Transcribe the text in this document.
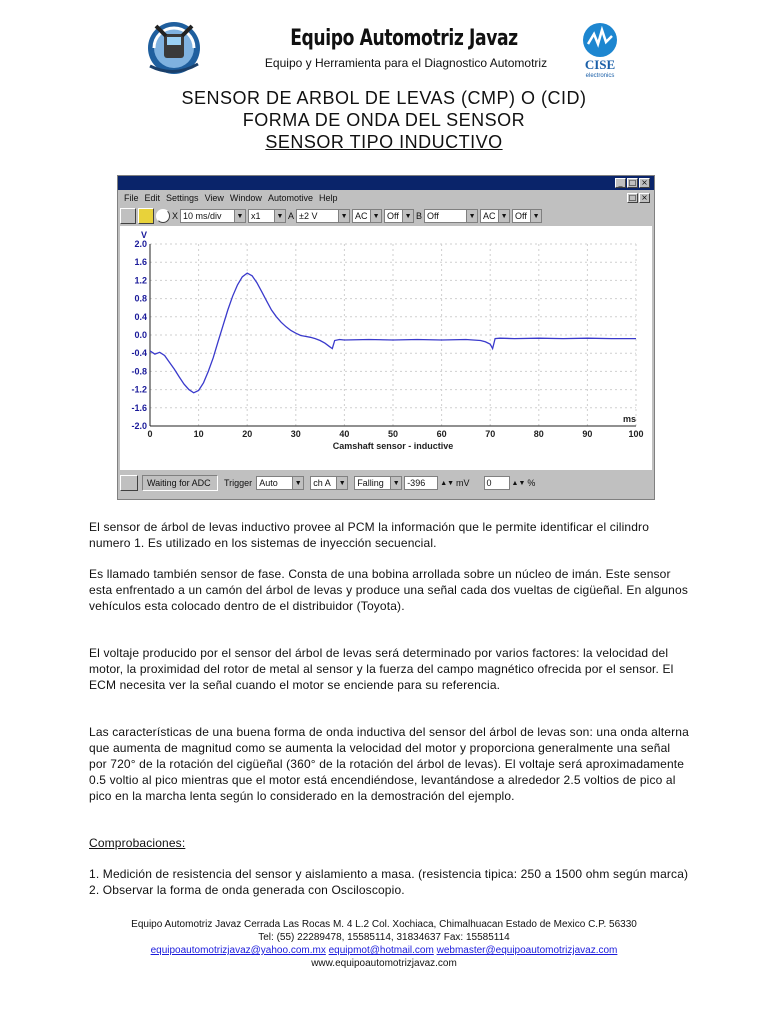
Equipo Automotriz Javaz
Equipo y Herramienta para el Diagnostico Automotriz	CISE
electronics
SENSOR DE ARBOL DE LEVAS (CMP) O (CID)
FORMA DE ONDA DEL SENSOR
SENSOR TIPO INDUCTIVO
_ □ ×
File Edit Settings View Window Automotive Help	□ ×
X 10 ms/div	▼ x1	▼ A ±2 V	▼ AC ▼ Off ▼ B Off	▼ AC ▼ Off ▼
2.0
1.6
1.2
0.8
0.4
0.0
-0.4
-0.8
-1.2
-1.6
-2.0
V
0	10	20	30	40	50	60	70	80	90	100
ms
Camshaft sensor - inductive
Waiting for ADC	Trigger Auto	▼ ch A	▼ Falling	▼ -396 ▲▼ mV 0	▲▼ %
El sensor de árbol de levas inductivo provee al PCM la información que le permite identificar el cilindro numero 1. Es utilizado en los sistemas de inyección secuencial.
Es llamado también sensor de fase. Consta de una bobina arrollada sobre un núcleo de imán. Este sensor esta enfrentado a un camón del árbol de levas y produce una señal cada dos vueltas de cigüeñal. En algunos vehículos esta colocado dentro de el distribuidor (Toyota).
El voltaje producido por el sensor del árbol de levas será determinado por varios factores: la velocidad del motor, la proximidad del rotor de metal al sensor y la fuerza del campo magnético ofrecida por el sensor. El ECM necesita ver la señal cuando el motor se enciende para su referencia.
Las características de una buena forma de onda inductiva del sensor del árbol de levas son: una onda alterna que aumenta de magnitud como se aumenta la velocidad del motor y proporciona generalmente una señal por 720° de la rotación del cigüeñal (360° de la rotación del árbol de levas). El voltaje será aproximadamente 0.5 voltio al pico mientras que el motor está encendiéndose, levantándose a alrededor 2.5 voltios de pico al pico en la marcha lenta según lo considerado en la demostración del ejemplo.
Comprobaciones:
1. Medición de resistencia del sensor y aislamiento a masa. (resistencia tipica: 250 a 1500 ohm según marca)
2. Observar la forma de onda generada con Osciloscopio.
Equipo Automotriz Javaz Cerrada Las Rocas M. 4 L.2 Col. Xochiaca, Chimalhuacan Estado de Mexico C.P. 56330
Tel: (55) 22289478, 15585114, 31834637 Fax: 15585114
equipoautomotrizjavaz@yahoo.com.mx equipmot@hotmail.com webmaster@equipoautomotrizjavaz.com
www.equipoautomotrizjavaz.com
